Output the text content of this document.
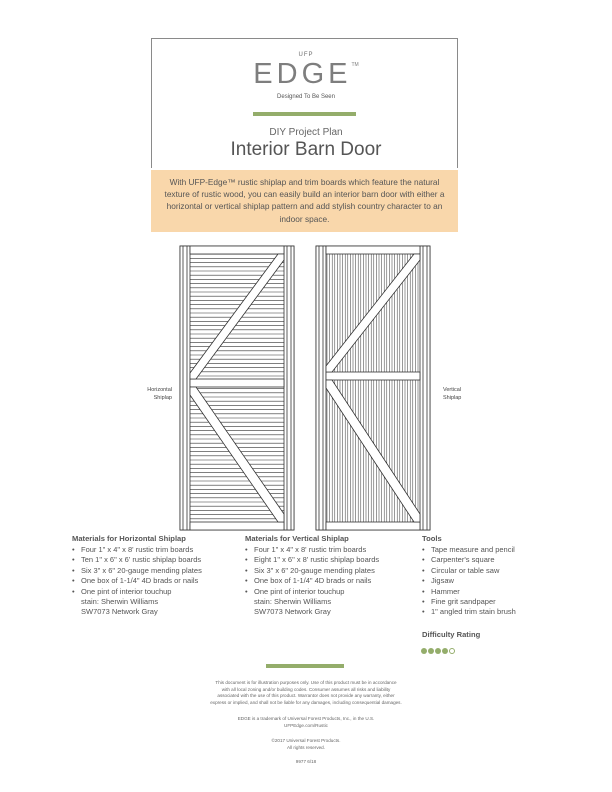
UFP
EDGE™
Designed To Be Seen
DIY Project Plan
Interior Barn Door
With UFP-Edge™ rustic shiplap and trim boards which feature the natural texture of rustic wood, you can easily build an interior barn door with either a horizontal or vertical shiplap pattern and add stylish country character to an indoor space.
Horizontal
Shiplap
Vertical
Shiplap
Materials for Horizontal Shiplap
• Four 1" x 4" x 8' rustic trim boards
• Ten 1" x 6" x 6' rustic shiplap boards
• Six 3" x 6" 20-gauge mending plates
• One box of 1-1/4" 4D brads or nails
• One pint of interior touchup
stain: Sherwin Williams
SW7073 Network Gray
Materials for Vertical Shiplap
• Four 1" x 4" x 8' rustic trim boards
• Eight 1" x 6" x 8' rustic shiplap boards
• Six 3" x 6" 20-gauge mending plates
• One box of 1-1/4" 4D brads or nails
• One pint of interior touchup
stain: Sherwin Williams
SW7073 Network Gray
Tools
• Tape measure and pencil
• Carpenter's square
• Circular or table saw
• Jigsaw
• Hammer
• Fine grit sandpaper
• 1" angled trim stain brush
Difficulty Rating
This document is for illustration purposes only. Use of this product must be in accordance
with all local zoning and/or building codes. Consumer assumes all risks and liability
associated with the use of this product. Warrantor does not provide any warranty, either
express or implied, and shall not be liable for any damages, including consequential damages.
EDGE is a trademark of Universal Forest Products, Inc., in the U.S.
UFPEdge.com/Rustic
©2017 Universal Forest Products.
All rights reserved.
9977 6/18
